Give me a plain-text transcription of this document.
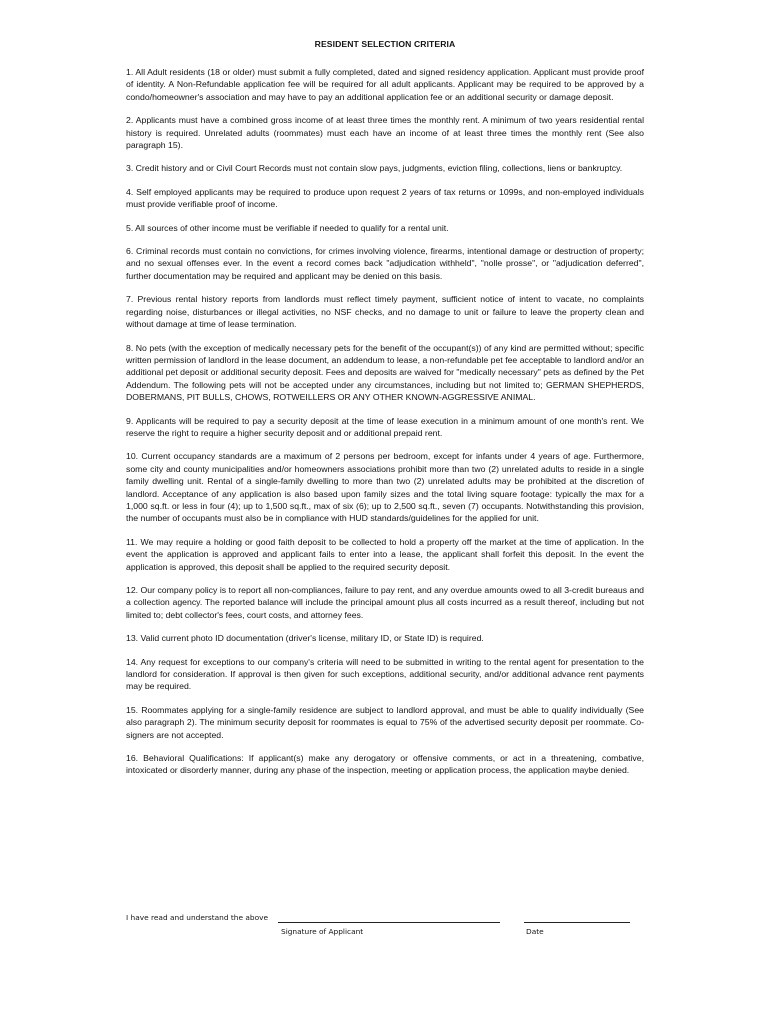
RESIDENT SELECTION CRITERIA

1. All Adult residents (18 or older) must submit a fully completed, dated and signed residency application. Applicant must provide proof of identity. A Non-Refundable application fee will be required for all adult applicants. Applicant may be required to be approved by a condo/homeowner's association and may have to pay an additional application fee or an additional security or damage deposit.

2. Applicants must have a combined gross income of at least three times the monthly rent. A minimum of two years residential rental history is required. Unrelated adults (roommates) must each have an income of at least three times the monthly rent (See also paragraph 15).

3. Credit history and or Civil Court Records must not contain slow pays, judgments, eviction filing, collections, liens or bankruptcy.

4. Self employed applicants may be required to produce upon request 2 years of tax returns or 1099s, and non-employed individuals must provide verifiable proof of income.

5. All sources of other income must be verifiable if needed to qualify for a rental unit.

6. Criminal records must contain no convictions, for crimes involving violence, firearms, intentional damage or destruction of property; and no sexual offenses ever. In the event a record comes back "adjudication withheld", "nolle prosse", or "adjudication deferred", further documentation may be required and applicant may be denied on this basis.

7. Previous rental history reports from landlords must reflect timely payment, sufficient notice of intent to vacate, no complaints regarding noise, disturbances or illegal activities, no NSF checks, and no damage to unit or failure to leave the property clean and without damage at time of lease termination.

8. No pets (with the exception of medically necessary pets for the benefit of the occupant(s)) of any kind are permitted without; specific written permission of landlord in the lease document, an addendum to lease, a non-refundable pet fee acceptable to landlord and/or an additional pet deposit or additional security deposit. Fees and deposits are waived for "medically necessary" pets as defined by the Pet Addendum. The following pets will not be accepted under any circumstances, including but not limited to; GERMAN SHEPHERDS, DOBERMANS, PIT BULLS, CHOWS, ROTWEILLERS OR ANY OTHER KNOWN-AGGRESSIVE ANIMAL.

9. Applicants will be required to pay a security deposit at the time of lease execution in a minimum amount of one month's rent. We reserve the right to require a higher security deposit and or additional prepaid rent.

10. Current occupancy standards are a maximum of 2 persons per bedroom, except for infants under 4 years of age. Furthermore, some city and county municipalities and/or homeowners associations prohibit more than two (2) unrelated adults to reside in a single family dwelling unit. Rental of a single-family dwelling to more than two (2) unrelated adults may be prohibited at the discretion of landlord. Acceptance of any application is also based upon family sizes and the total living square footage: typically the max for a 1,000 sq.ft. or less in four (4); up to 1,500 sq.ft., max of six (6); up to 2,500 sq.ft., seven (7) occupants. Notwithstanding this provision, the number of occupants must also be in compliance with HUD standards/guidelines for the applied for unit.

11. We may require a holding or good faith deposit to be collected to hold a property off the market at the time of application. In the event the application is approved and applicant fails to enter into a lease, the applicant shall forfeit this deposit. In the event the application is approved, this deposit shall be applied to the required security deposit.

12. Our company policy is to report all non-compliances, failure to pay rent, and any overdue amounts owed to all 3-credit bureaus and a collection agency. The reported balance will include the principal amount plus all costs incurred as a result thereof, including but not limited to; debt collector's fees, court costs, and attorney fees.

13. Valid current photo ID documentation (driver's license, military ID, or State ID) is required.

14. Any request for exceptions to our company's criteria will need to be submitted in writing to the rental agent for presentation to the landlord for consideration. If approval is then given for such exceptions, additional security, and/or additional advance rent payments may be required.

15. Roommates applying for a single-family residence are subject to landlord approval, and must be able to qualify individually (See also paragraph 2). The minimum security deposit for roommates is equal to 75% of the advertised security deposit per roommate. Co-signers are not accepted.

16. Behavioral Qualifications: If applicant(s) make any derogatory or offensive comments, or act in a threatening, combative, intoxicated or disorderly manner, during any phase of the inspection, meeting or application process, the application maybe denied.

I have read and understand the above
Signature of Applicant	Date
